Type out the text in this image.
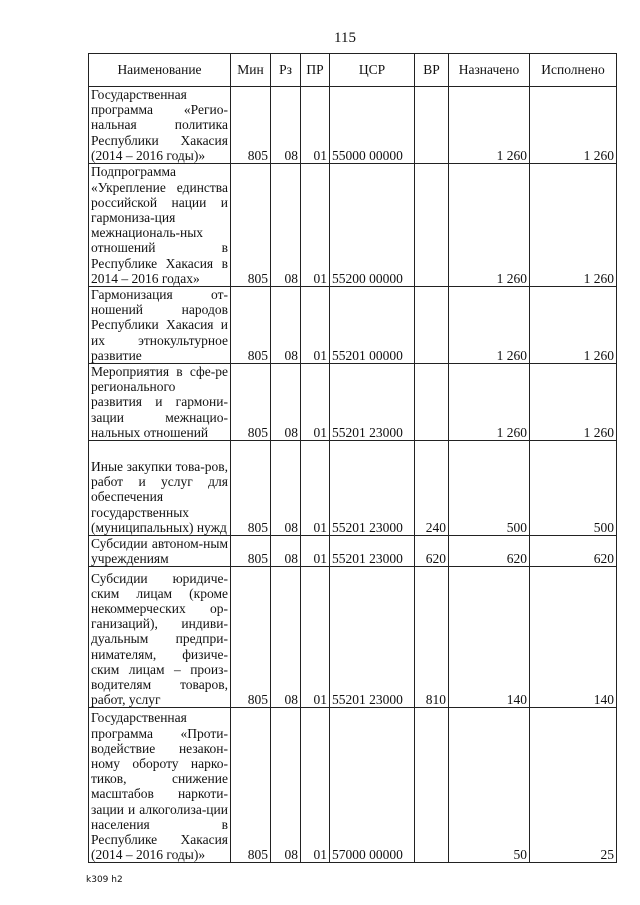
115
Наименование	Мин	Рз	ПР	ЦСР	ВР	Назначено	Исполнено
Государственная программа «Регио-нальная политика Республики Хакасия (2014 – 2016 годы)»	805	08	01	55000 00000		1 260	1 260
Подпрограмма «Укрепление единства российской нации и гармониза-ция межнациональ-ных отношений в Республике Хакасия в 2014 – 2016 годах»	805	08	01	55200 00000		1 260	1 260
Гармонизация от-ношений народов Республики Хакасия и их этнокультурное развитие	805	08	01	55201 00000		1 260	1 260
Мероприятия в сфе-ре регионального развития и гармони-зации межнацио-нальных отношений	805	08	01	55201 23000		1 260	1 260
Иные закупки това-ров, работ и услуг для обеспечения государственных (муниципальных) нужд	805	08	01	55201 23000	240	500	500
Субсидии автоном-ным учреждениям	805	08	01	55201 23000	620	620	620
Субсидии юридиче-ским лицам (кроме некоммерческих ор-ганизаций), индиви-дуальным предпри-нимателям, физиче-ским лицам – произ-водителям товаров, работ, услуг	805	08	01	55201 23000	810	140	140
Государственная программа «Проти-водействие незакон-ному обороту нарко-тиков, снижение масштабов наркоти-зации и алкоголиза-ции населения в Республике Хакасия (2014 – 2016 годы)»	805	08	01	57000 00000		50	25
k309 h2
